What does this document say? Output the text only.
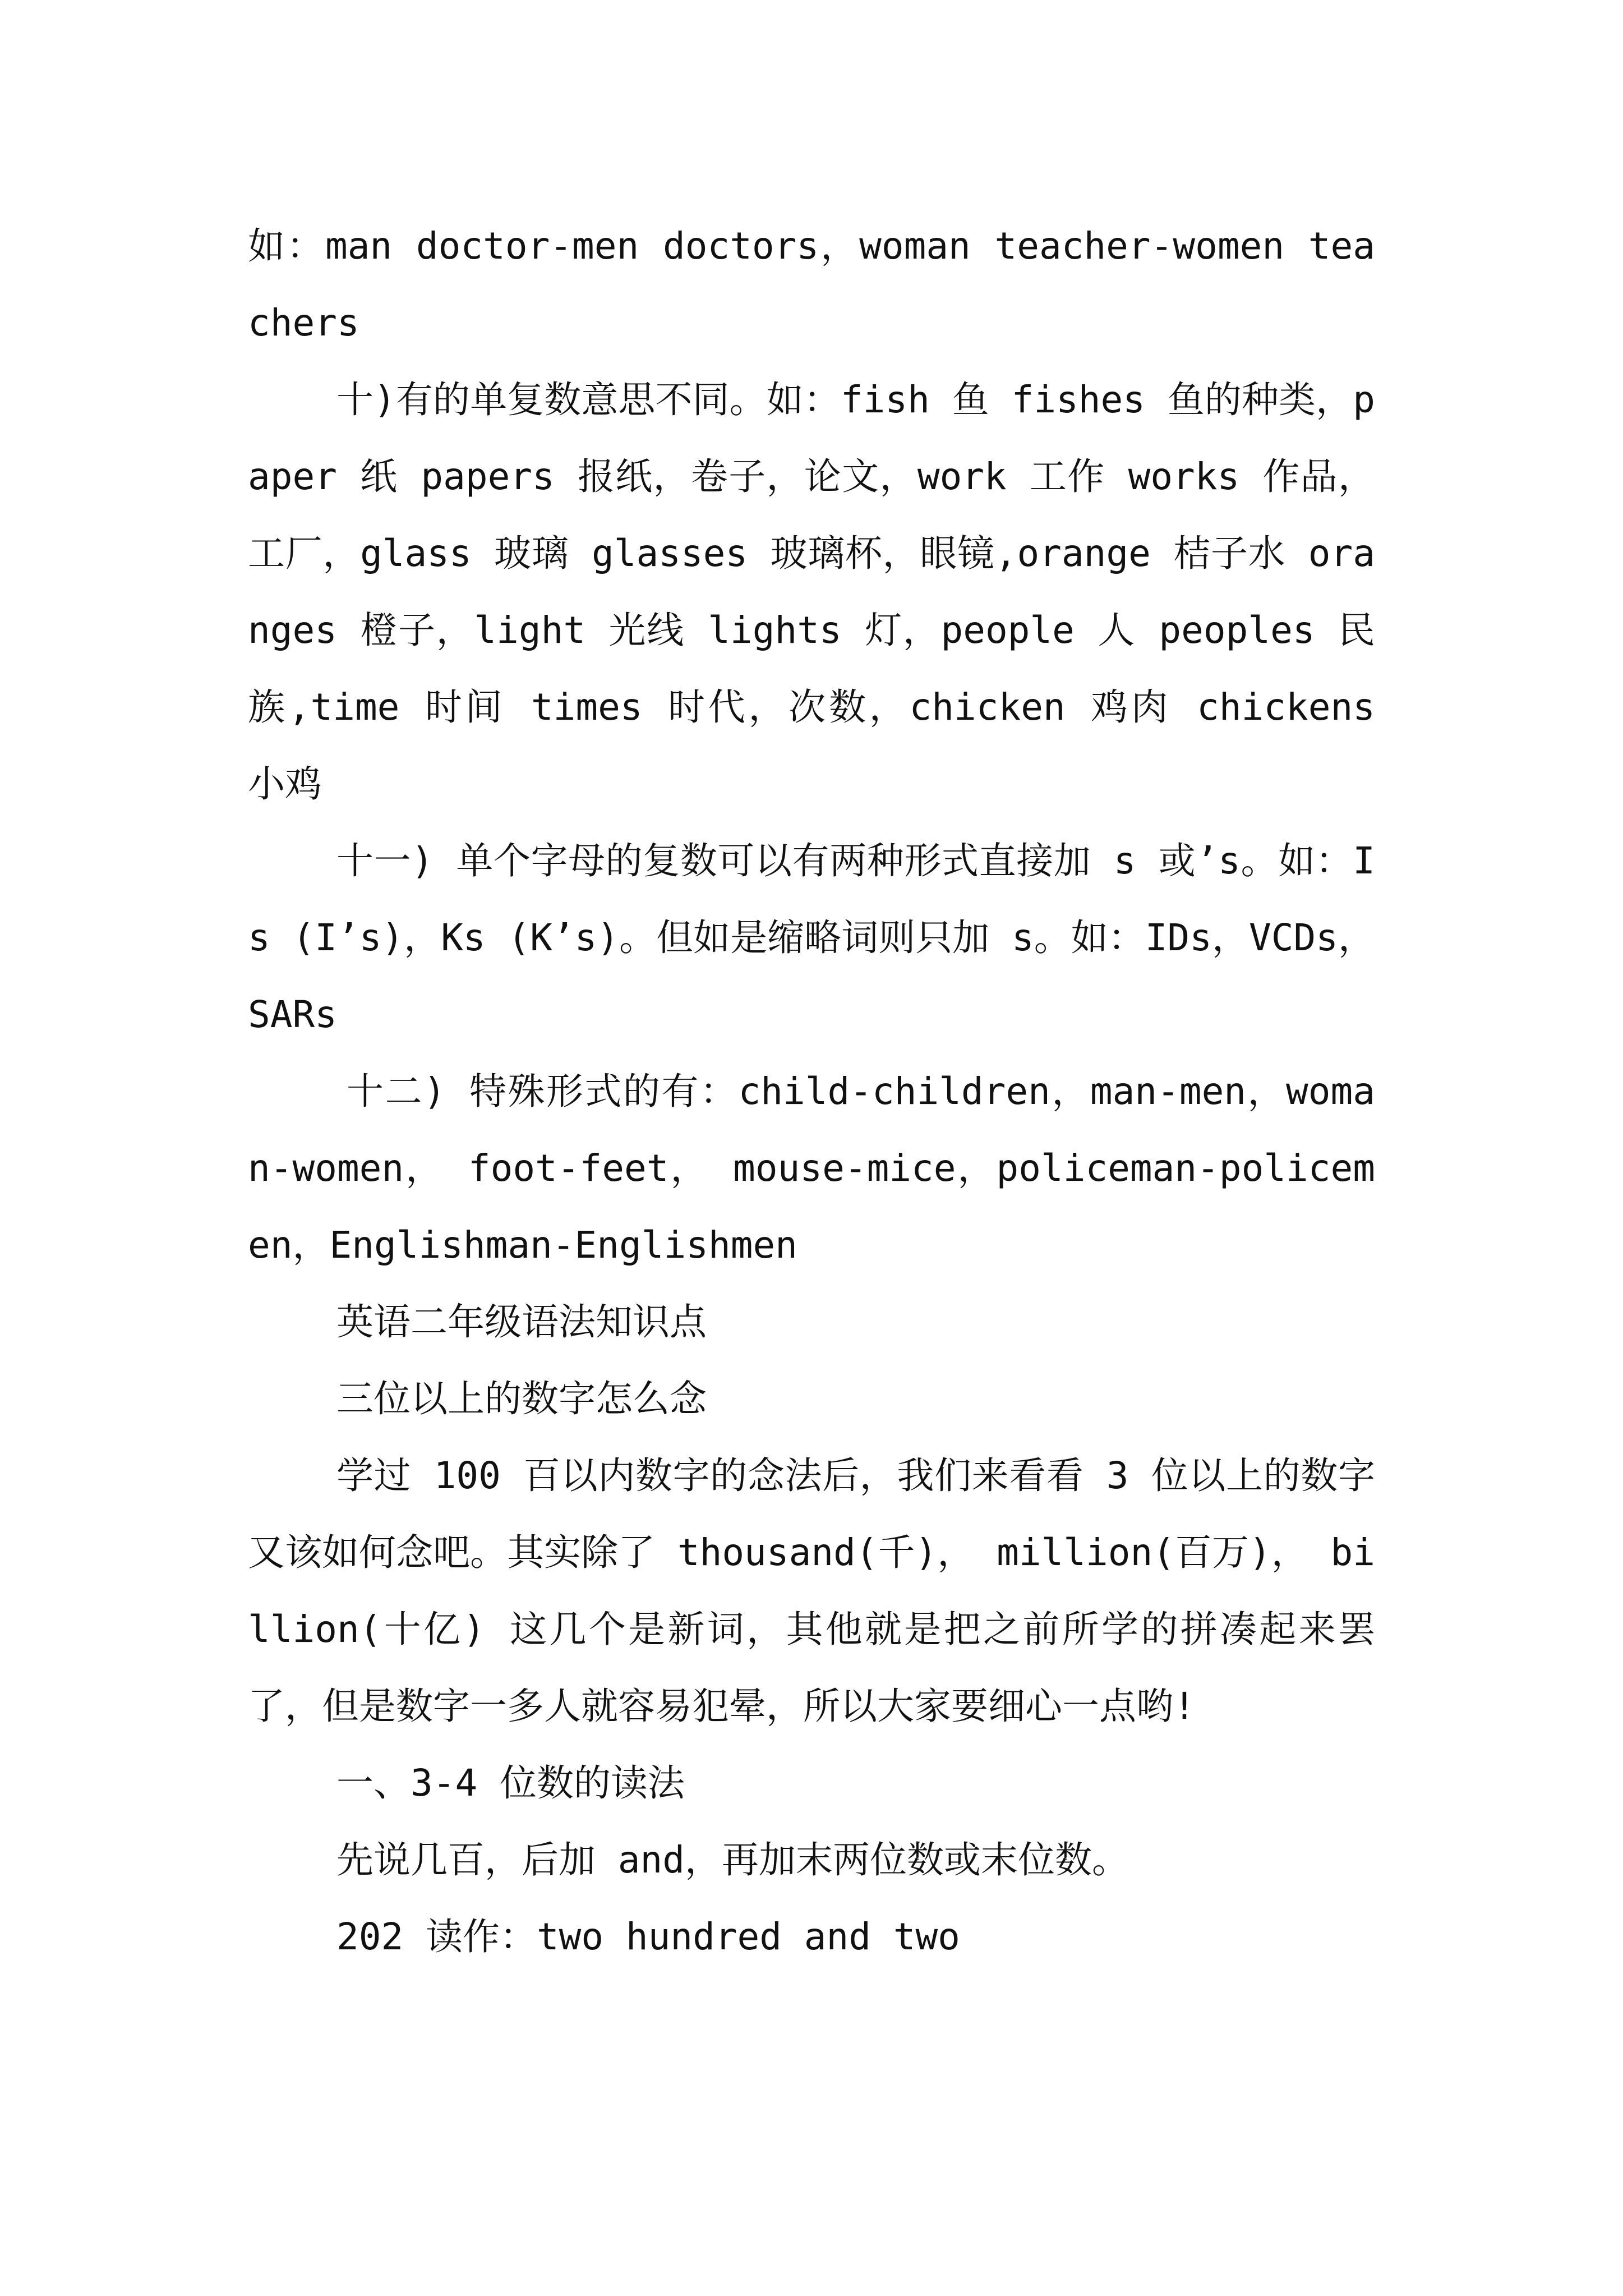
如：man doctor-men doctors，woman teacher-women teachers

十)有的单复数意思不同。如：fish 鱼 fishes 鱼的种类，paper 纸 papers 报纸，卷子，论文，work 工作 works 作品，工厂，glass 玻璃 glasses 玻璃杯，眼镜,orange 桔子水 oranges 橙子，light 光线 lights 灯，people 人 peoples 民族,time 时间 times 时代，次数，chicken 鸡肉 chickens 小鸡

十一) 单个字母的复数可以有两种形式直接加 s 或’s。如：Is (I’s)，Ks (K’s)。但如是缩略词则只加 s。如：IDs，VCDs，SARs

十二) 特殊形式的有：child-children，man-men，woman-women， foot-feet， mouse-mice，policeman-policemen，Englishman-Englishmen

英语二年级语法知识点

三位以上的数字怎么念

学过 100 百以内数字的念法后，我们来看看 3 位以上的数字又该如何念吧。其实除了 thousand(千)， million(百万)， billion(十亿) 这几个是新词，其他就是把之前所学的拼凑起来罢了，但是数字一多人就容易犯晕，所以大家要细心一点哟!

一、3-4 位数的读法

先说几百，后加 and，再加末两位数或末位数。

202 读作：two hundred and two
